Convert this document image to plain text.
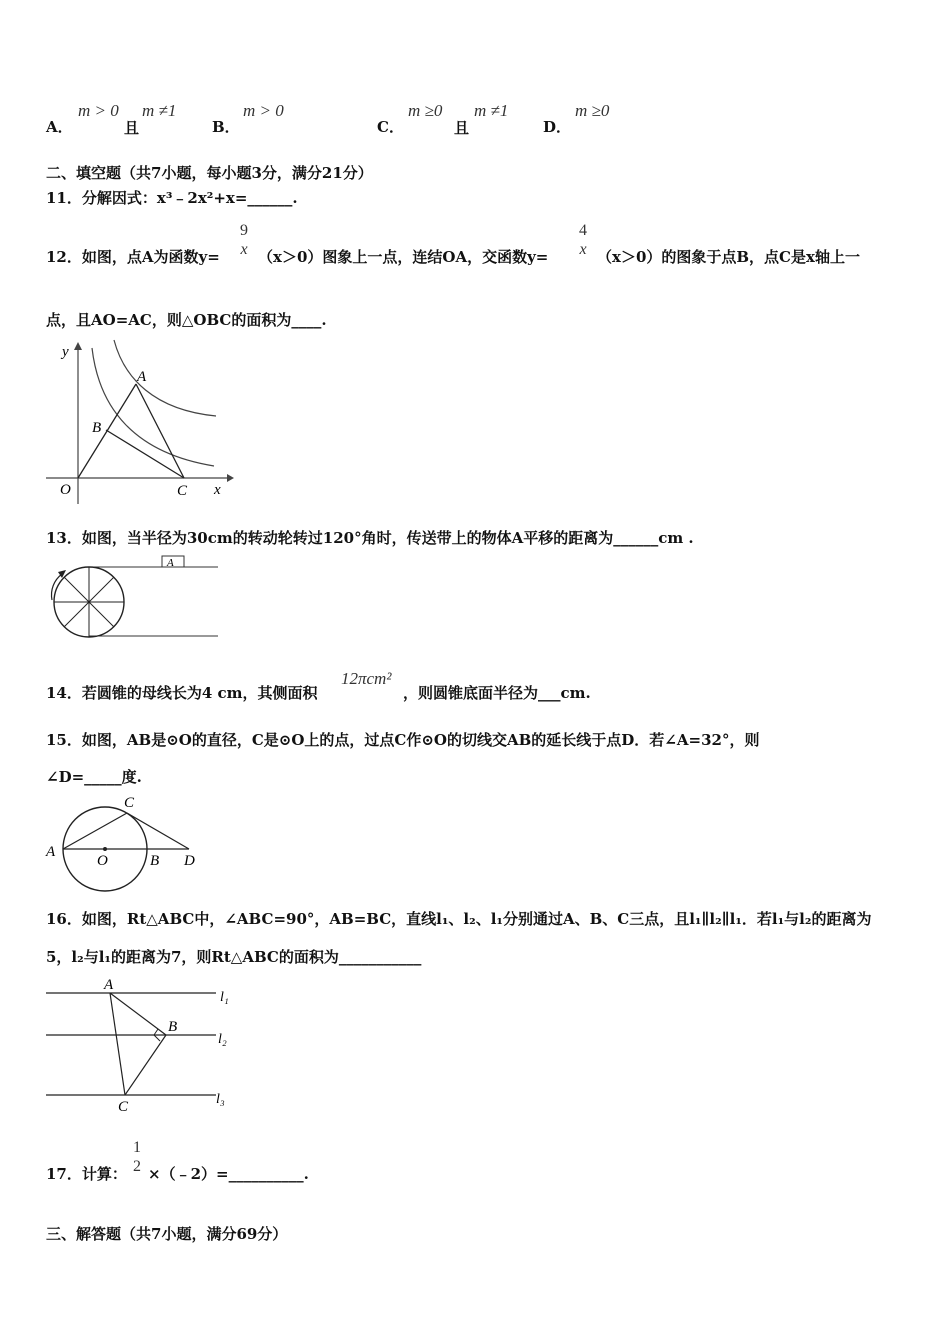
A．
m > 0
且
m ≠1
B．
m > 0
C．
m ≥0
且
m ≠1
D．
m ≥0
二、填空题（共7小题，每小题3分，满分21分）
11．分解因式：x³﹣2x²+x=______.
12．如图，点A为函数y=
9
x （x＞0）图象上一点，连结OA，交函数y=
4
x （x＞0）的图象于点B，点C是x轴上一
点，且AO=AC，则△OBC的面积为____.
y
x
O
A
B
C
13．如图，当半径为30cm的转动轮转过120°角时，传送带上的物体A平移的距离为______cm .
A
14．若圆锥的母线长为4 cm，其侧面积
12πcm²
，则圆锥底面半径为___cm.
15．如图，AB是⊙O的直径，C是⊙O上的点，过点C作⊙O的切线交AB的延长线于点D．若∠A=32°，则
∠D=_____度.
A
O	B
C
D
16．如图，Rt△ABC中，∠ABC=90°，AB=BC，直线l₁、l₂、l₁分别通过A、B、C三点，且l₁∥l₂∥l₁．若l₁与l₂的距离为
5，l₂与l₁的距离为7，则Rt△ABC的面积为___________
A
B
C
l₁
l₂
l₃
17．计算：
1
2 ×（﹣2）=__________.
三、解答题（共7小题，满分69分）
